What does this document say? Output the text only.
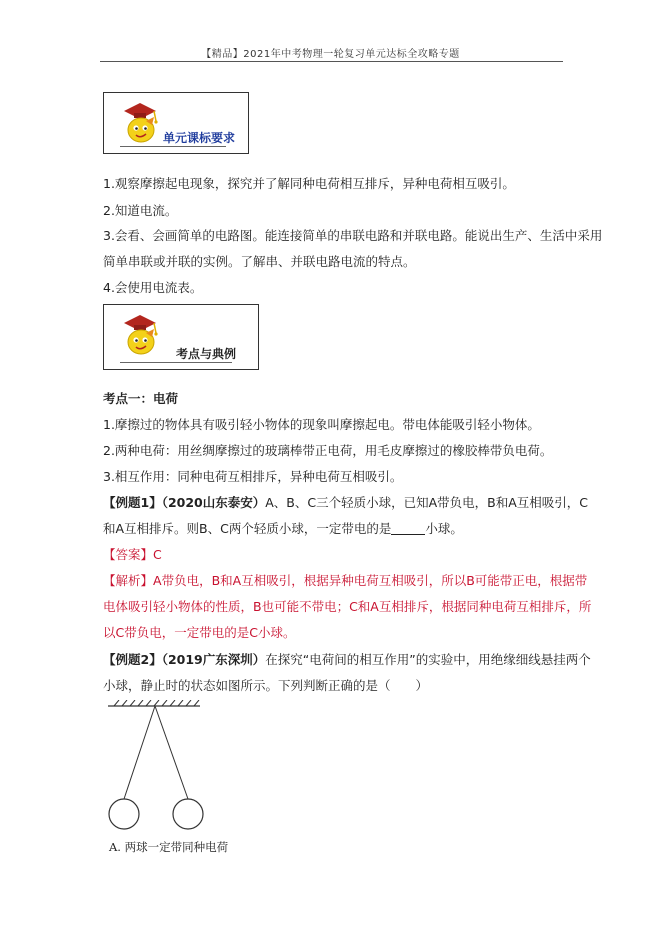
【精品】2021年中考物理一轮复习单元达标全攻略专题
单元课标要求
1.观察摩擦起电现象，探究并了解同种电荷相互排斥，异种电荷相互吸引。
2.知道电流。
3.会看、会画简单的电路图。能连接简单的串联电路和并联电路。能说出生产、生活中采用
简单串联或并联的实例。了解串、并联电路电流的特点。
4.会使用电流表。
考点与典例
考点一：电荷
1.摩擦过的物体具有吸引轻小物体的现象叫摩擦起电。带电体能吸引轻小物体。
2.两种电荷：用丝绸摩擦过的玻璃棒带正电荷，用毛皮摩擦过的橡胶棒带负电荷。
3.相互作用：同种电荷互相排斥，异种电荷互相吸引。
【例题1】（2020山东泰安）A、B、C三个轻质小球，已知A带负电，B和A互相吸引，C
和A互相排斥。则B、C两个轻质小球，一定带电的是	小球。
【答案】C
【解析】A带负电，B和A互相吸引，根据异种电荷互相吸引，所以B可能带正电，根据带
电体吸引轻小物体的性质，B也可能不带电；C和A互相排斥，根据同种电荷互相排斥，所
以C带负电，一定带电的是C小球。
【例题2】（2019广东深圳）在探究“电荷间的相互作用”的实验中，用绝缘细线悬挂两个
小球，静止时的状态如图所示。下列判断正确的是（　　）
A. 两球一定带同种电荷
